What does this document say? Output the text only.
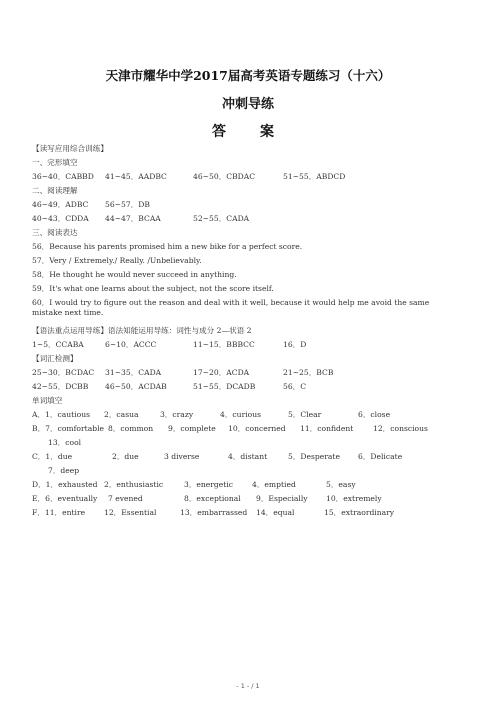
天津市耀华中学2017届高考英语专题练习（十六）
冲刺导练
答　案
【读写应用综合训练】
一、完形填空
36~40．CABBD 41~45．AADBC	46~50．CBDAC	51~55．ABDCD
二、阅读理解
46~49．ADBC 56~57．DB
40~43．CDDA 44~47．BCAA	52~55．CADA
三、阅读表达
56．Because his parents promised him a new bike for a perfect score.
57．Very / Extremely./ Really. /Unbelievably.
58．He thought he would never succeed in anything.
59．It's what one learns about the subject, not the score itself.
60．I would try to figure out the reason and deal with it well, because it would help me avoid the same mistake next time.
【语法重点运用导练】语法知能运用导练：词性与成分 2—状语 2
1~5．CCABA	6~10．ACCC	11~15．BBBCC	16．D
【词汇检测】
25~30．BCDAC 31~35．CADA	17~20．ACDA	21~25．BCB
42~55．DCBB 46~50．ACDAB	51~55．DCADB	56．C
单词填空
A．1．cautious 2．casua	3．crazy	4．curious	5．Clear	6．close
B．7．comfortable 8．common 9．complete 10．concerned 11．confident	12．conscious
13．cool
C．1．due	2．due	3 diverse	4．distant	5．Desperate 6．Delicate
7．deep
D．1．exhausted 2．enthusiastic	3．energetic 4．emptied	5．easy
E．6．eventually 7 evened	8．exceptional 9．Especially 10．extremely
F．11．entire 12．Essential	13．embarrassed 14．equal	15．extraordinary
- 1 - / 1
